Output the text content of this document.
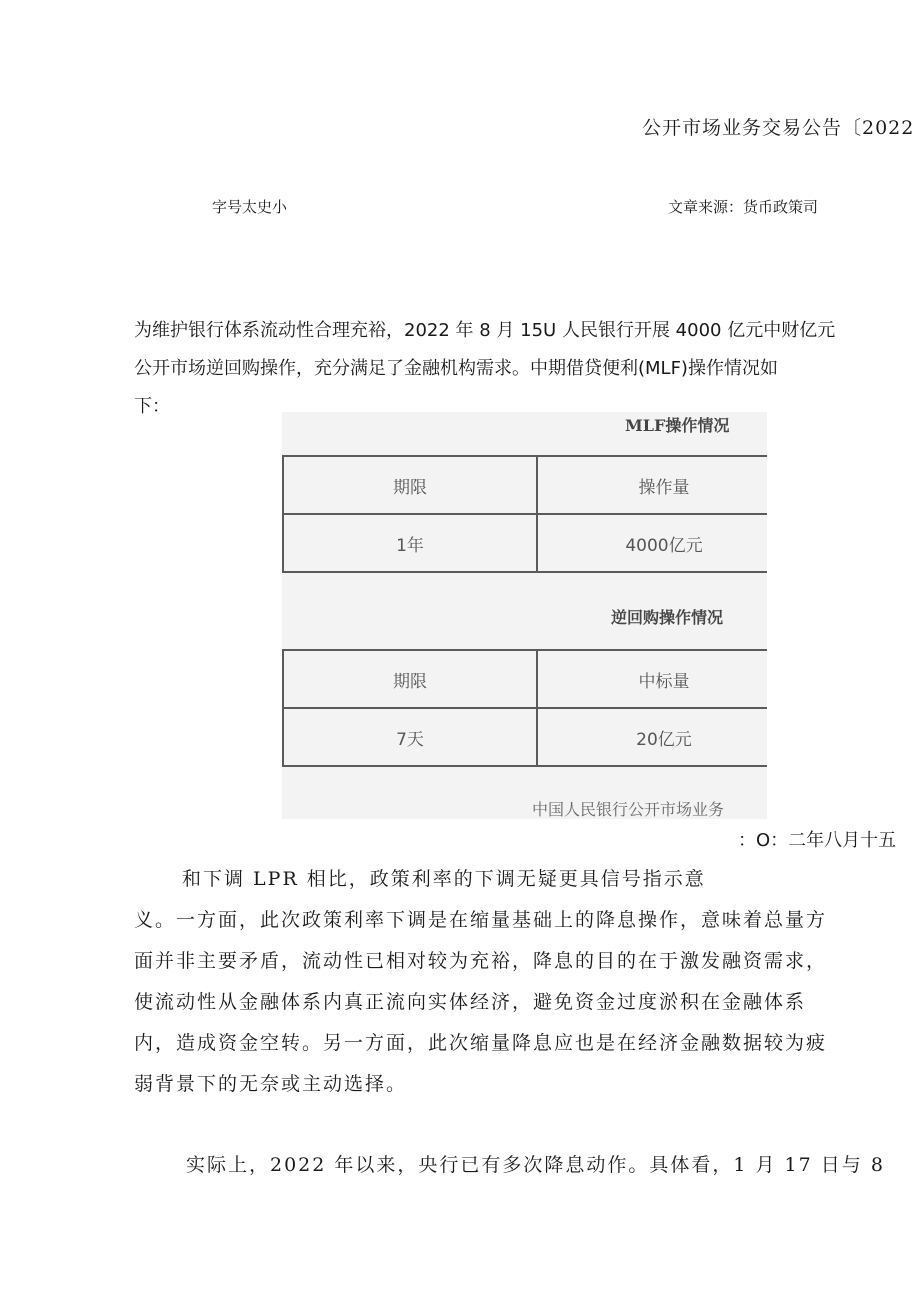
公开市场业务交易公告〔2022
字号太史小	文章来源：货币政策司

为维护银行体系流动性合理充裕，2022 年 8 月 15U 人民银行开展 4000 亿元中财亿元
公开市场逆回购操作，充分满足了金融机构需求。中期借贷便利(MLF)操作情况如
下：

MLF操作情况
期限	操作量
1年	4000亿元
逆回购操作情况
期限	中标量
7天	20亿元
中国人民银行公开市场业务
：O：二年八月十五

和下调 LPR 相比，政策利率的下调无疑更具信号指示意
义。一方面，此次政策利率下调是在缩量基础上的降息操作，意味着总量方
面并非主要矛盾，流动性已相对较为充裕，降息的目的在于激发融资需求，
使流动性从金融体系内真正流向实体经济，避免资金过度淤积在金融体系
内，造成资金空转。另一方面，此次缩量降息应也是在经济金融数据较为疲
弱背景下的无奈或主动选择。

实际上，2022 年以来，央行已有多次降息动作。具体看，1 月 17 日与 8
